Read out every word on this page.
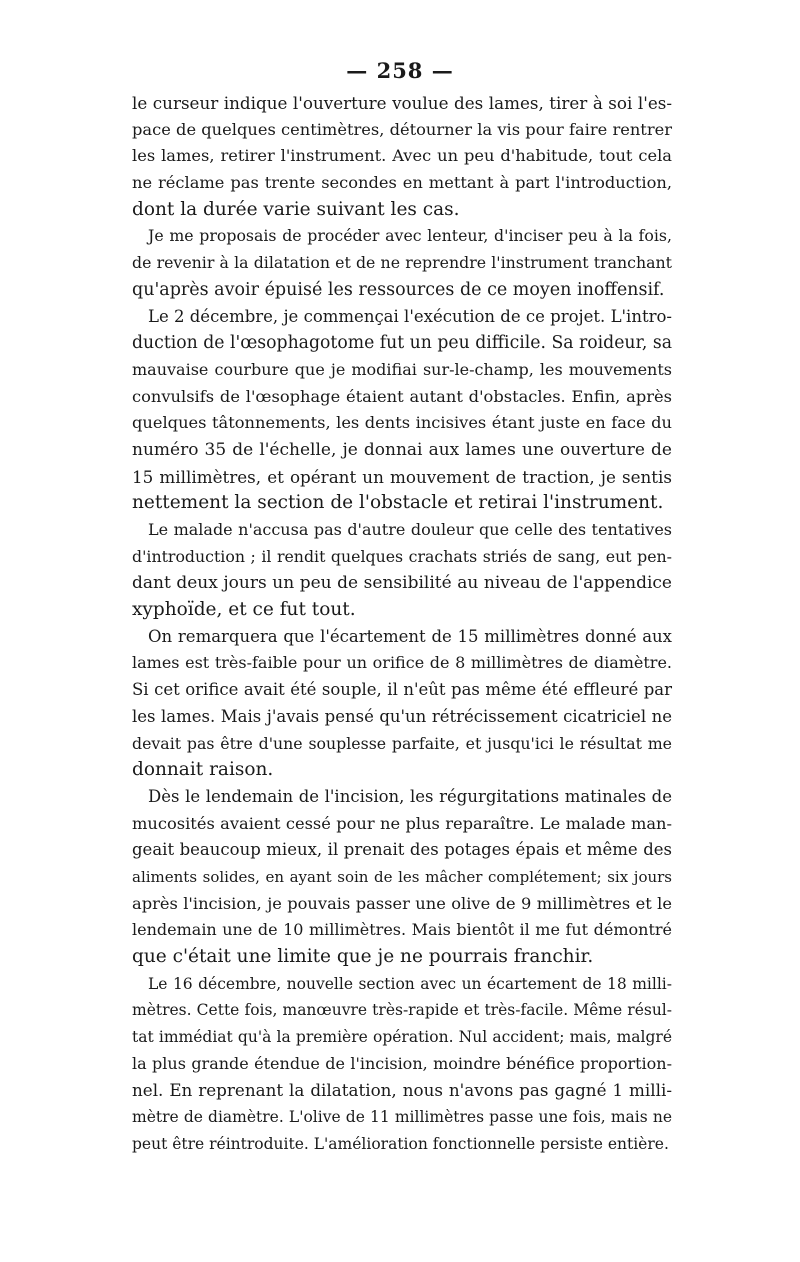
— 258 —
le curseur indique l'ouverture voulue des lames, tirer à soi l'es-
pace de quelques centimètres, détourner la vis pour faire rentrer
les lames, retirer l'instrument. Avec un peu d'habitude, tout cela
ne réclame pas trente secondes en mettant à part l'introduction,
dont la durée varie suivant les cas.
Je me proposais de procéder avec lenteur, d'inciser peu à la fois,
de revenir à la dilatation et de ne reprendre l'instrument tranchant
qu'après avoir épuisé les ressources de ce moyen inoffensif.
Le 2 décembre, je commençai l'exécution de ce projet. L'intro-
duction de l'œsophagotome fut un peu difficile. Sa roideur, sa
mauvaise courbure que je modifiai sur-le-champ, les mouvements
convulsifs de l'œsophage étaient autant d'obstacles. Enfin, après
quelques tâtonnements, les dents incisives étant juste en face du
numéro 35 de l'échelle, je donnai aux lames une ouverture de
15 millimètres, et opérant un mouvement de traction, je sentis
nettement la section de l'obstacle et retirai l'instrument.
Le malade n'accusa pas d'autre douleur que celle des tentatives
d'introduction ; il rendit quelques crachats striés de sang, eut pen-
dant deux jours un peu de sensibilité au niveau de l'appendice
xyphoïde, et ce fut tout.
On remarquera que l'écartement de 15 millimètres donné aux
lames est très-faible pour un orifice de 8 millimètres de diamètre.
Si cet orifice avait été souple, il n'eût pas même été effleuré par
les lames. Mais j'avais pensé qu'un rétrécissement cicatriciel ne
devait pas être d'une souplesse parfaite, et jusqu'ici le résultat me
donnait raison.
Dès le lendemain de l'incision, les régurgitations matinales de
mucosités avaient cessé pour ne plus reparaître. Le malade man-
geait beaucoup mieux, il prenait des potages épais et même des
aliments solides, en ayant soin de les mâcher complétement; six jours
après l'incision, je pouvais passer une olive de 9 millimètres et le
lendemain une de 10 millimètres. Mais bientôt il me fut démontré
que c'était une limite que je ne pourrais franchir.
Le 16 décembre, nouvelle section avec un écartement de 18 milli-
mètres. Cette fois, manœuvre très-rapide et très-facile. Même résul-
tat immédiat qu'à la première opération. Nul accident; mais, malgré
la plus grande étendue de l'incision, moindre bénéfice proportion-
nel. En reprenant la dilatation, nous n'avons pas gagné 1 milli-
mètre de diamètre. L'olive de 11 millimètres passe une fois, mais ne
peut être réintroduite. L'amélioration fonctionnelle persiste entière.
